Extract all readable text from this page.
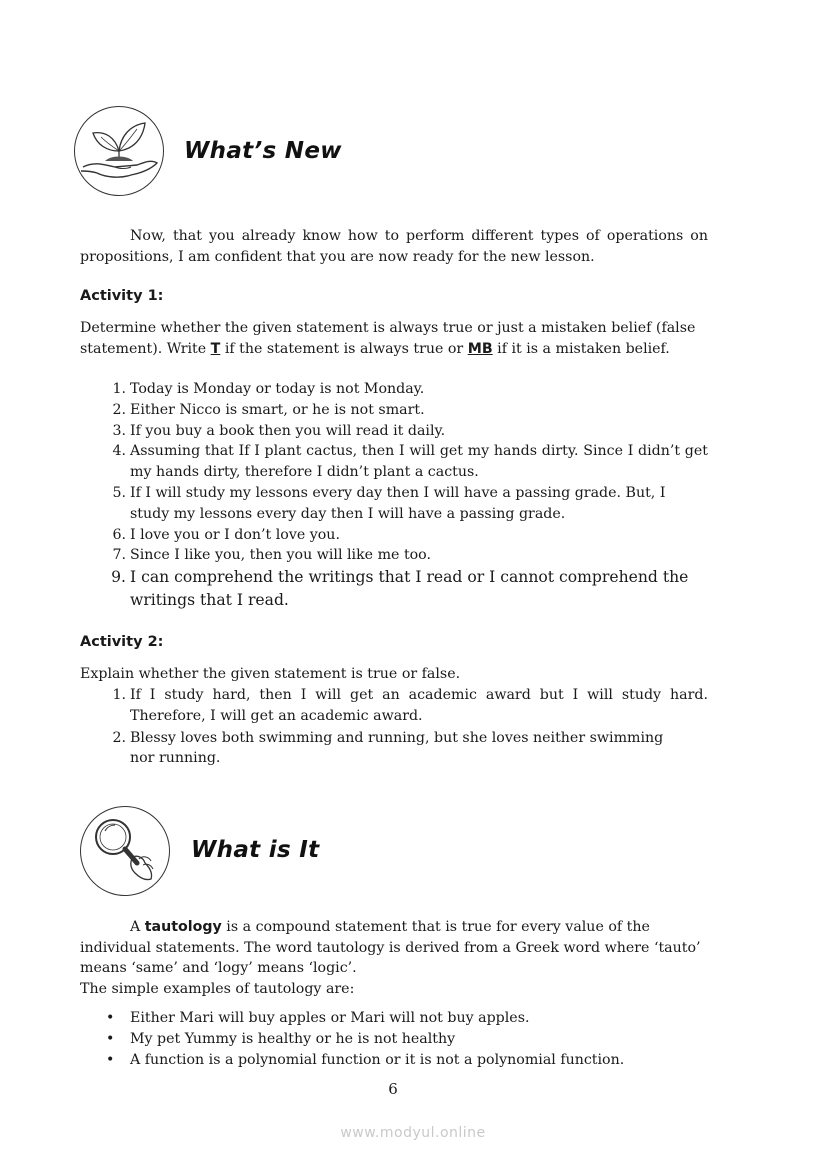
What’s New
Now, that you already know how to perform different types of operations on propositions, I am confident that you are now ready for the new lesson.
Activity 1:
Determine whether the given statement is always true or just a mistaken belief (false statement). Write T if the statement is always true or MB if it is a mistaken belief.
1. Today is Monday or today is not Monday.
2. Either Nicco is smart, or he is not smart.
3. If you buy a book then you will read it daily.
4. Assuming that If I plant cactus, then I will get my hands dirty. Since I didn’t get my hands dirty, therefore I didn’t plant a cactus.
5. If I will study my lessons every day then I will have a passing grade. But, I study my lessons every day then I will have a passing grade.
6. I love you or I don’t love you.
7. Since I like you, then you will like me too.
9. I can comprehend the writings that I read or I cannot comprehend the writings that I read.
Activity 2:
Explain whether the given statement is true or false.
1. If I study hard, then I will get an academic award but I will study hard. Therefore, I will get an academic award.
2. Blessy loves both swimming and running, but she loves neither swimming nor running.
What is It
A tautology is a compound statement that is true for every value of the individual statements. The word tautology is derived from a Greek word where ‘tauto’ means ‘same’ and ‘logy’ means ‘logic’.
The simple examples of tautology are:
• Either Mari will buy apples or Mari will not buy apples.
• My pet Yummy is healthy or he is not healthy
• A function is a polynomial function or it is not a polynomial function.
6
www.modyul.online
